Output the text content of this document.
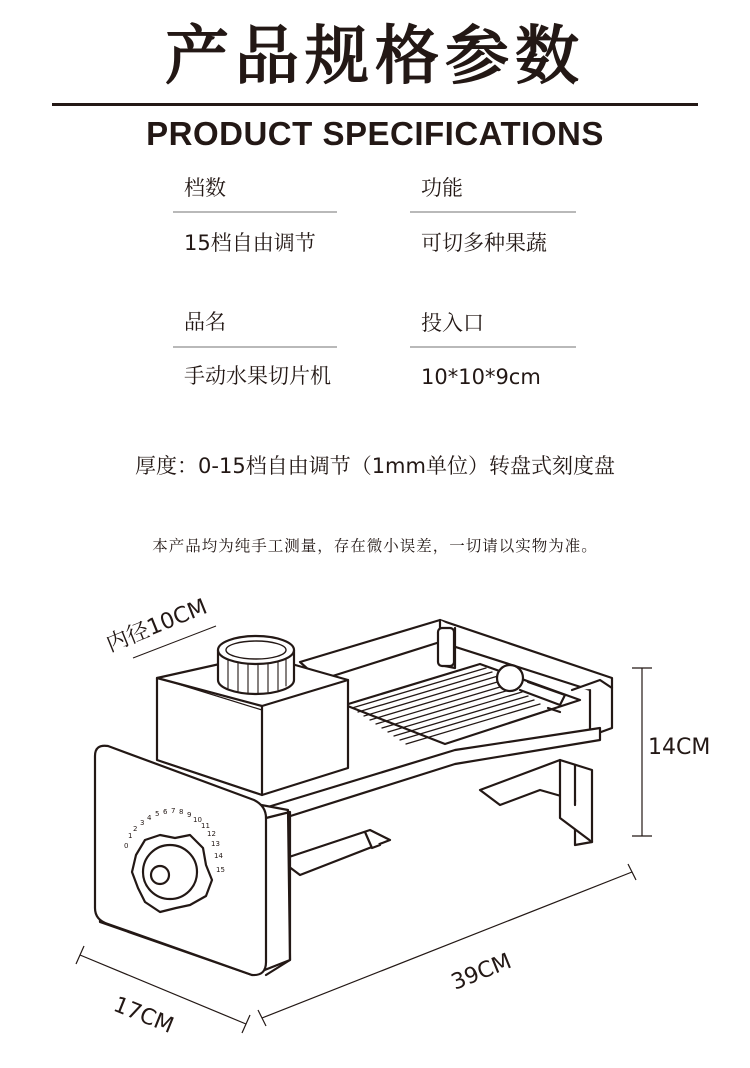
产品规格参数
PRODUCT SPECIFICATIONS
档数
15档自由调节
功能
可切多种果蔬
品名
手动水果切片机
投入口
10*10*9cm
厚度：0-15档自由调节（1mm单位）转盘式刻度盘
本产品均为纯手工测量，存在微小误差，一切请以实物为准。
0
1
2
3
4 5 6 7 8 9
10
11
12
13
14
15
内径10CM
14CM
39CM
17CM
